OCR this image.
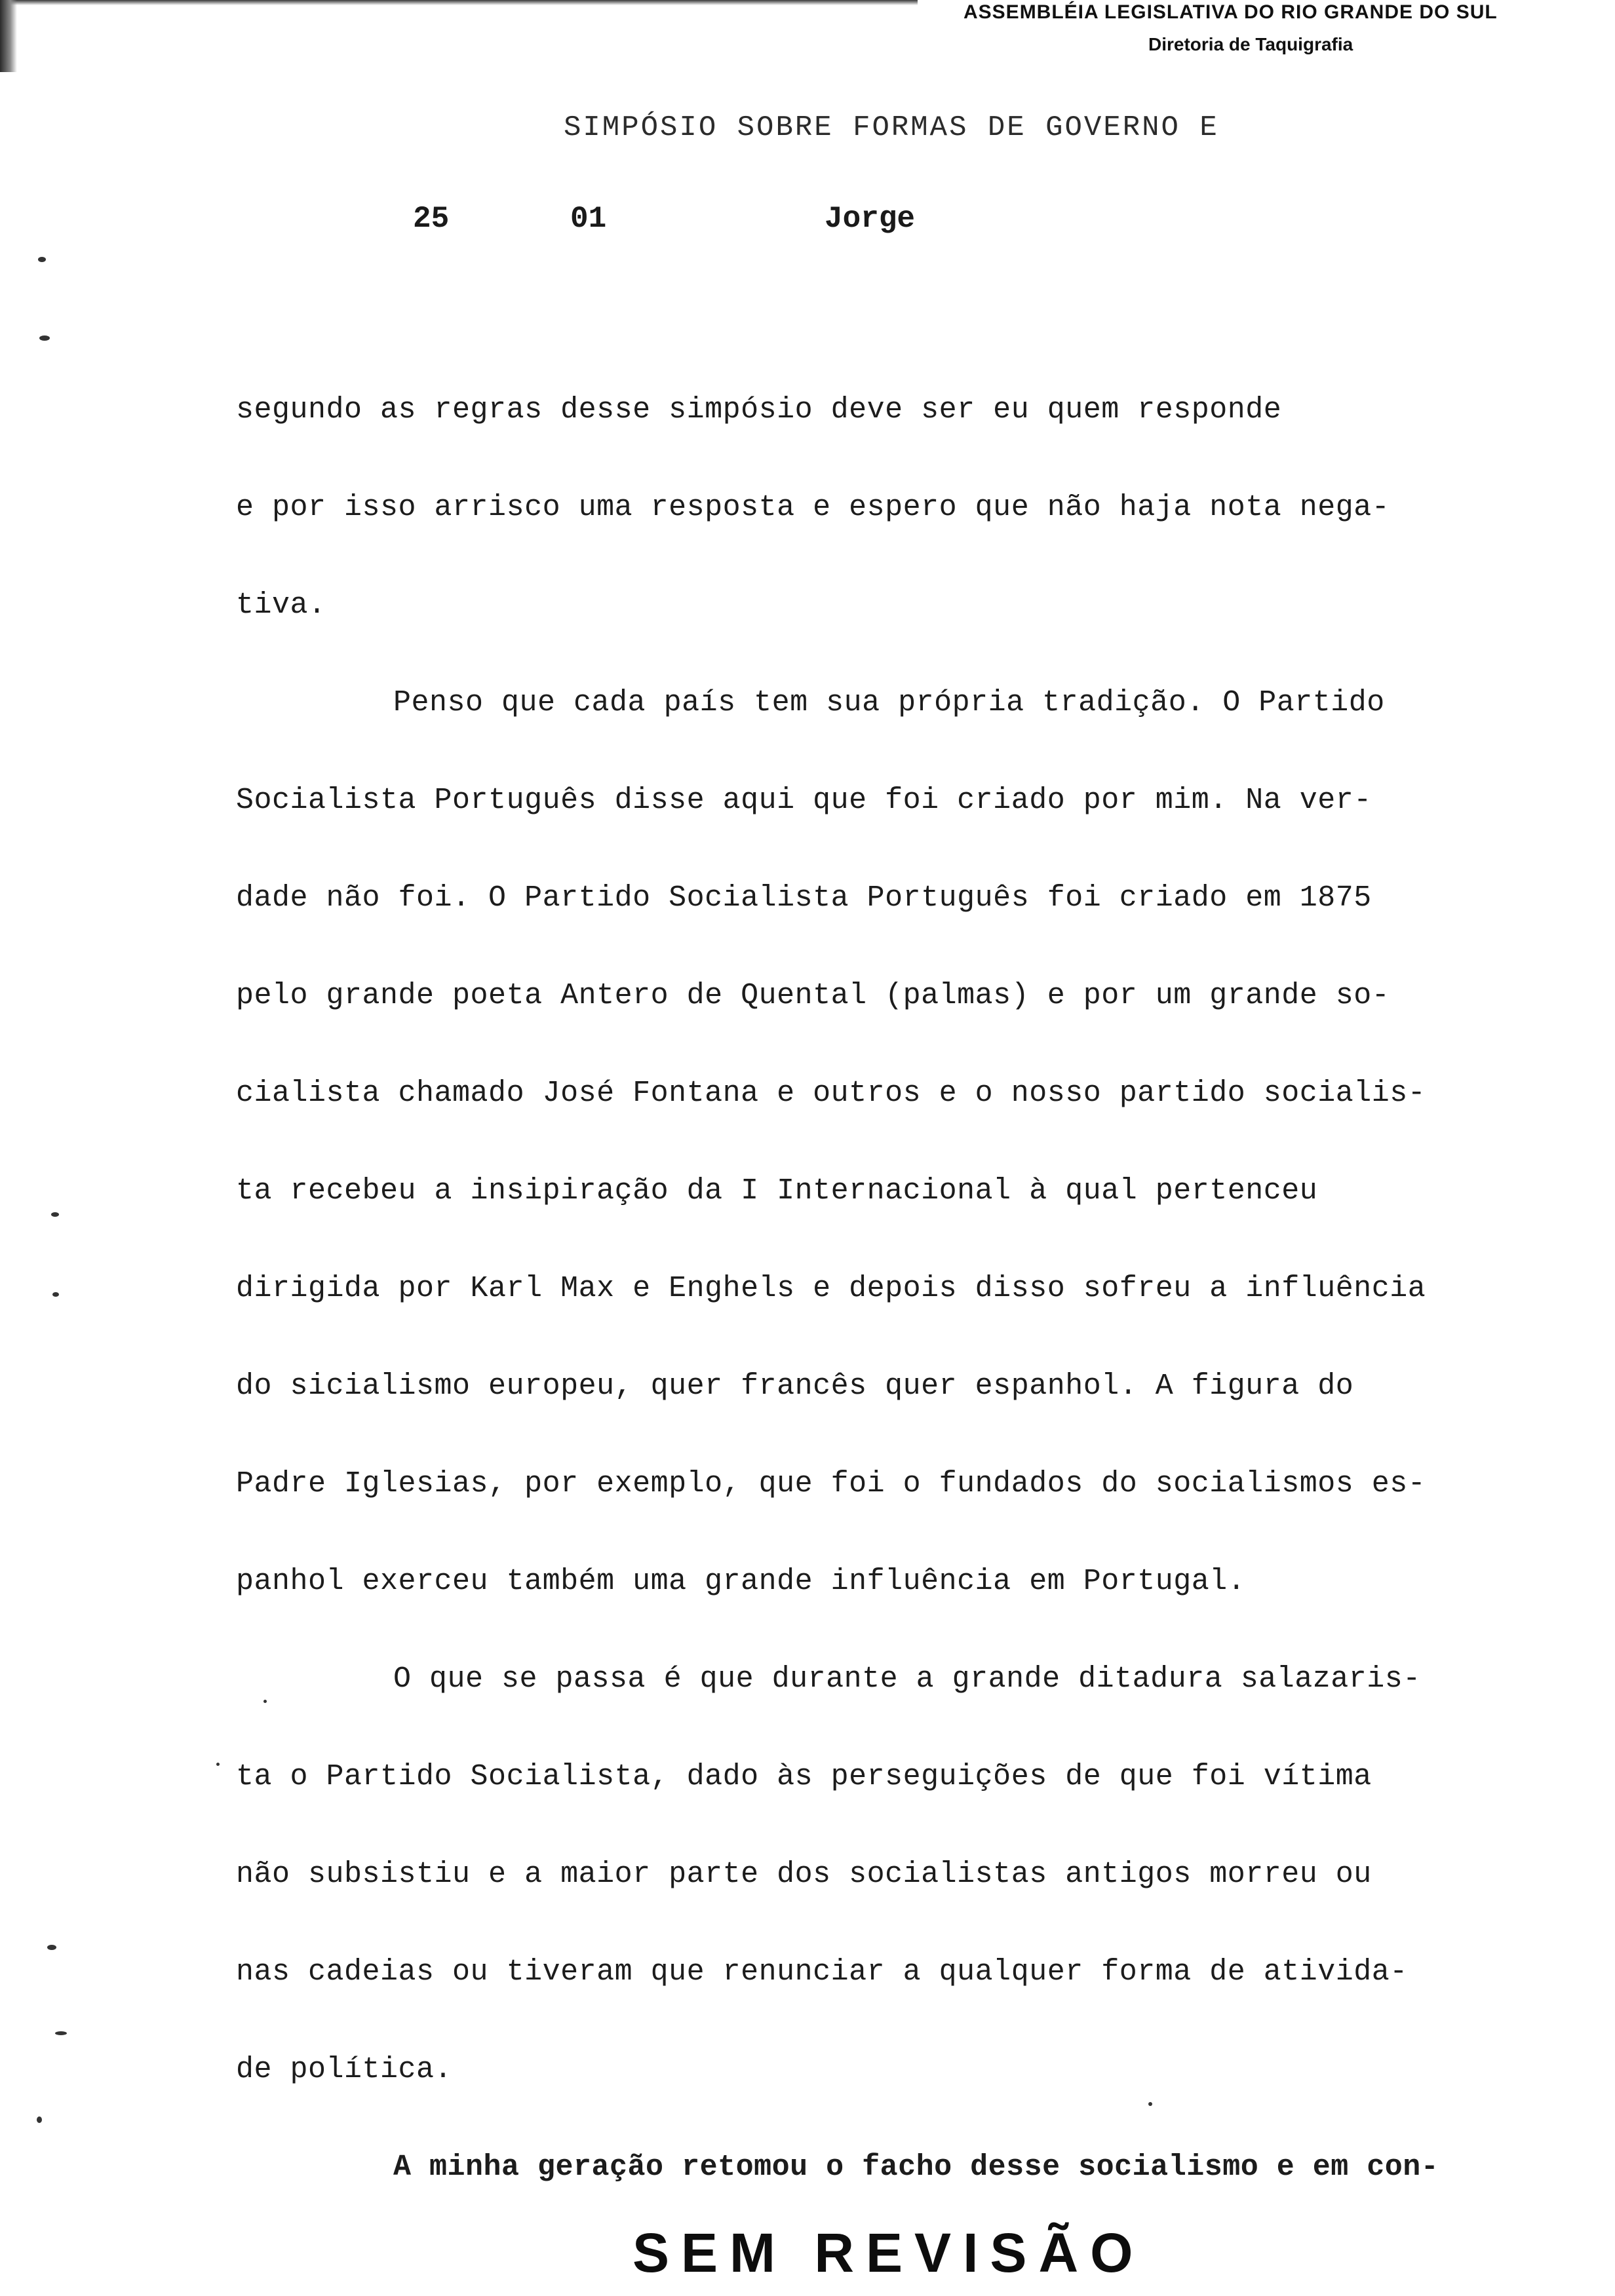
ASSEMBLÉIA LEGISLATIVA DO RIO GRANDE DO SUL
Diretoria de Taquigrafia
SIMPÓSIO SOBRE FORMAS DE GOVERNO E
25	01	Jorge
segundo as regras desse simpósio deve ser eu quem responde
e por isso arrisco uma resposta e espero que não haja nota nega-
tiva.
Penso que cada país tem sua própria tradição. O Partido
Socialista Português disse aqui que foi criado por mim. Na ver-
dade não foi. O Partido Socialista Português foi criado em 1875
pelo grande poeta Antero de Quental (palmas) e por um grande so-
cialista chamado José Fontana e outros e o nosso partido socialis-
ta recebeu a insipiração da I Internacional à qual pertenceu
dirigida por Karl Max e Enghels e depois disso sofreu a influência
do sicialismo europeu, quer francês quer espanhol. A figura do
Padre Iglesias, por exemplo, que foi o fundados do socialismos es-
panhol exerceu também uma grande influência em Portugal.
O que se passa é que durante a grande ditadura salazaris-
ta o Partido Socialista, dado às perseguições de que foi vítima
não subsistiu e a maior parte dos socialistas antigos morreu ou
nas cadeias ou tiveram que renunciar a qualquer forma de ativida-
de política.
A minha geração retomou o facho desse socialismo e em con-
SEM REVISÃO
